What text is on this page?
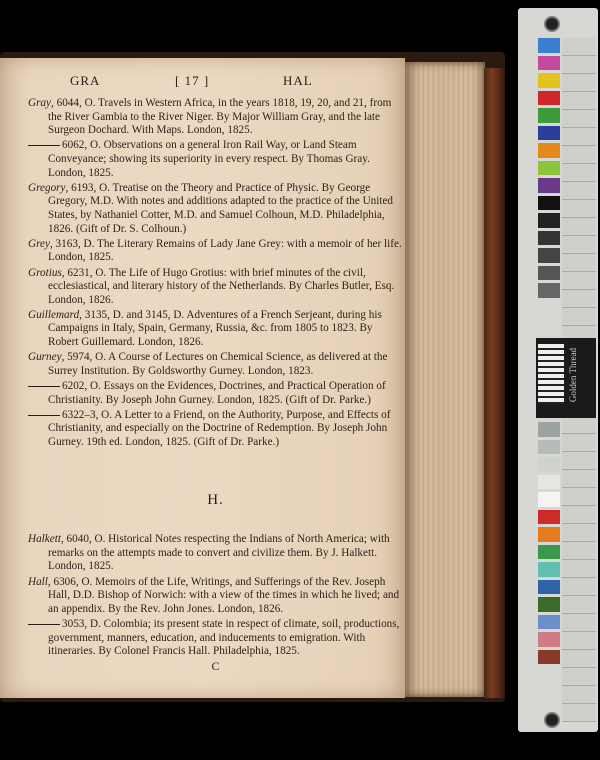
GRA	[ 17 ]	HAL
Gray, 6044, O. Travels in Western Africa, in the years 1818, 19, 20, and 21, from the River Gambia to the River Niger. By Major William Gray, and the late Surgeon Dochard. With Maps. London, 1825.
6062, O. Observations on a general Iron Rail Way, or Land Steam Conveyance; showing its superiority in every respect. By Thomas Gray. London, 1825.
Gregory, 6193, O. Treatise on the Theory and Practice of Physic. By George Gregory, M.D. With notes and additions adapted to the practice of the United States, by Nathaniel Cotter, M.D. and Samuel Colhoun, M.D. Philadelphia, 1826. (Gift of Dr. S. Colhoun.)
Grey, 3163, D. The Literary Remains of Lady Jane Grey: with a memoir of her life. London, 1825.
Grotius, 6231, O. The Life of Hugo Grotius: with brief minutes of the civil, ecclesiastical, and literary history of the Netherlands. By Charles Butler, Esq. London, 1826.
Guillemard, 3135, D. and 3145, D. Adventures of a French Serjeant, during his Campaigns in Italy, Spain, Germany, Russia, &c. from 1805 to 1823. By Robert Guillemard. London, 1826.
Gurney, 5974, O. A Course of Lectures on Chemical Science, as delivered at the Surrey Institution. By Goldsworthy Gurney. London, 1823.
6202, O. Essays on the Evidences, Doctrines, and Practical Operation of Christianity. By Joseph John Gurney. London, 1825. (Gift of Dr. Parke.)
6322–3, O. A Letter to a Friend, on the Authority, Purpose, and Effects of Christianity, and especially on the Doctrine of Redemption. By Joseph John Gurney. 19th ed. London, 1825. (Gift of Dr. Parke.)
H.
Halkett, 6040, O. Historical Notes respecting the Indians of North America; with remarks on the attempts made to convert and civilize them. By J. Halkett. London, 1825.
Hall, 6306, O. Memoirs of the Life, Writings, and Sufferings of the Rev. Joseph Hall, D.D. Bishop of Norwich: with a view of the times in which he lived; and an appendix. By the Rev. John Jones. London, 1826.
3053, D. Colombia; its present state in respect of climate, soil, productions, government, manners, education, and inducements to emigration. With itineraries. By Colonel Francis Hall. Philadelphia, 1825.
C
Golden Thread
